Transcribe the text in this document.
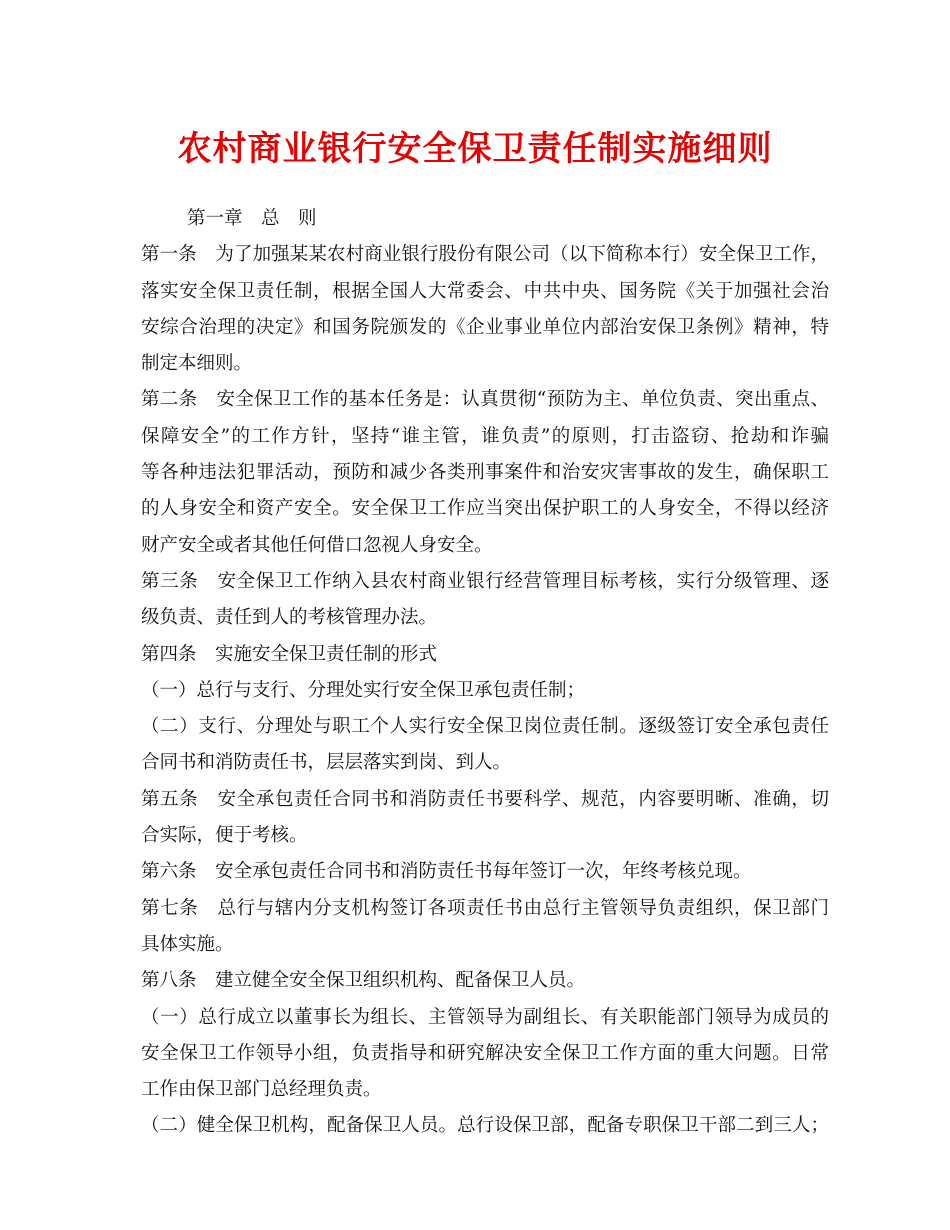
农村商业银行安全保卫责任制实施细则
第一章　总　则
第一条　为了加强某某农村商业银行股份有限公司（以下简称本行）安全保卫工作，
落实安全保卫责任制，根据全国人大常委会、中共中央、国务院《关于加强社会治
安综合治理的决定》和国务院颁发的《企业事业单位内部治安保卫条例》精神，特
制定本细则。
第二条　安全保卫工作的基本任务是：认真贯彻“预防为主、单位负责、突出重点、
保障安全”的工作方针，坚持“谁主管，谁负责”的原则，打击盗窃、抢劫和诈骗
等各种违法犯罪活动，预防和减少各类刑事案件和治安灾害事故的发生，确保职工
的人身安全和资产安全。安全保卫工作应当突出保护职工的人身安全，不得以经济
财产安全或者其他任何借口忽视人身安全。
第三条　安全保卫工作纳入县农村商业银行经营管理目标考核，实行分级管理、逐
级负责、责任到人的考核管理办法。
第四条　实施安全保卫责任制的形式
（一）总行与支行、分理处实行安全保卫承包责任制；
（二）支行、分理处与职工个人实行安全保卫岗位责任制。逐级签订安全承包责任
合同书和消防责任书，层层落实到岗、到人。
第五条　安全承包责任合同书和消防责任书要科学、规范，内容要明晰、准确，切
合实际，便于考核。
第六条　安全承包责任合同书和消防责任书每年签订一次，年终考核兑现。
第七条　总行与辖内分支机构签订各项责任书由总行主管领导负责组织，保卫部门
具体实施。
第八条　建立健全安全保卫组织机构、配备保卫人员。
（一）总行成立以董事长为组长、主管领导为副组长、有关职能部门领导为成员的
安全保卫工作领导小组，负责指导和研究解决安全保卫工作方面的重大问题。日常
工作由保卫部门总经理负责。
（二）健全保卫机构，配备保卫人员。总行设保卫部，配备专职保卫干部二到三人；
